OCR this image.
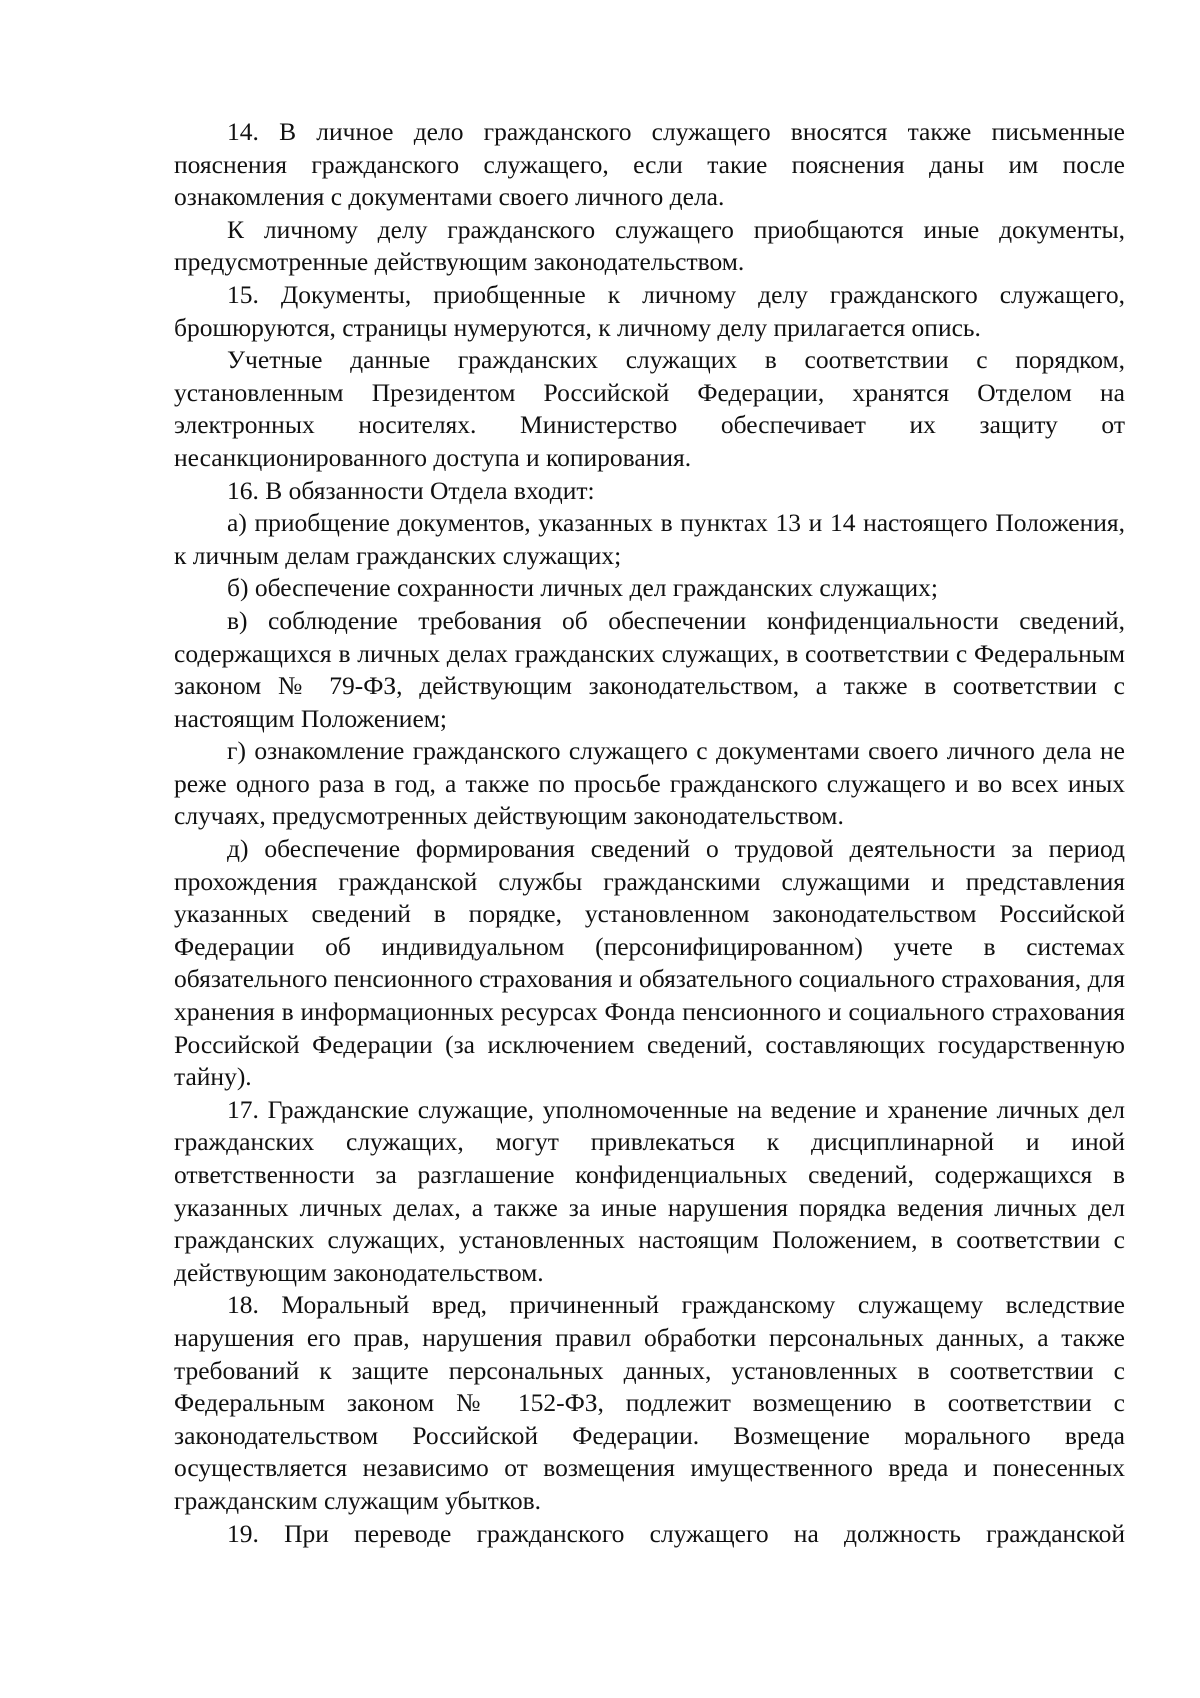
14. В личное дело гражданского служащего вносятся также письменные пояснения гражданского служащего, если такие пояснения даны им после ознакомления с документами своего личного дела.

К личному делу гражданского служащего приобщаются иные документы, предусмотренные действующим законодательством.

15. Документы, приобщенные к личному делу гражданского служащего, брошюруются, страницы нумеруются, к личному делу прилагается опись.

Учетные данные гражданских служащих в соответствии с порядком, установленным Президентом Российской Федерации, хранятся Отделом на электронных носителях. Министерство обеспечивает их защиту от несанкционированного доступа и копирования.

16. В обязанности Отдела входит:

а) приобщение документов, указанных в пунктах 13 и 14 настоящего Положения, к личным делам гражданских служащих;

б) обеспечение сохранности личных дел гражданских служащих;

в) соблюдение требования об обеспечении конфиденциальности сведений, содержащихся в личных делах гражданских служащих, в соответствии с Федеральным законом № 79-ФЗ, действующим законодательством, а также в соответствии с настоящим Положением;

г) ознакомление гражданского служащего с документами своего личного дела не реже одного раза в год, а также по просьбе гражданского служащего и во всех иных случаях, предусмотренных действующим законодательством.

д) обеспечение формирования сведений о трудовой деятельности за период прохождения гражданской службы гражданскими служащими и представления указанных сведений в порядке, установленном законодательством Российской Федерации об индивидуальном (персонифицированном) учете в системах обязательного пенсионного страхования и обязательного социального страхования, для хранения в информационных ресурсах Фонда пенсионного и социального страхования Российской Федерации (за исключением сведений, составляющих государственную тайну).

17. Гражданские служащие, уполномоченные на ведение и хранение личных дел гражданских служащих, могут привлекаться к дисциплинарной и иной ответственности за разглашение конфиденциальных сведений, содержащихся в указанных личных делах, а также за иные нарушения порядка ведения личных дел гражданских служащих, установленных настоящим Положением, в соответствии с действующим законодательством.

18. Моральный вред, причиненный гражданскому служащему вследствие нарушения его прав, нарушения правил обработки персональных данных, а также требований к защите персональных данных, установленных в соответствии с Федеральным законом № 152-ФЗ, подлежит возмещению в соответствии с законодательством Российской Федерации. Возмещение морального вреда осуществляется независимо от возмещения имущественного вреда и понесенных гражданским служащим убытков.

19. При переводе гражданского служащего на должность гражданской
